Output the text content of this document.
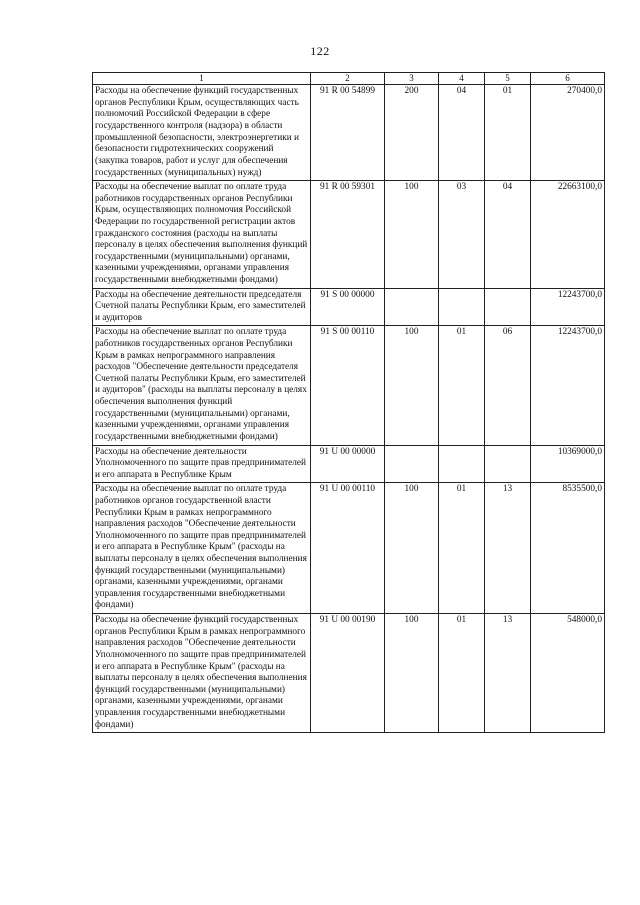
122
1	2	3	4	5	6
Расходы на обеспечение функций государственных органов Республики Крым, осуществляющих часть полномочий Российской Федерации в сфере государственного контроля (надзора) в области промышленной безопасности, электроэнергетики и безопасности гидротехнических сооружений (закупка товаров, работ и услуг для обеспечения государственных (муниципальных) нужд)	91 R 00 54899	200	04	01	270400,0
Расходы на обеспечение выплат по оплате труда работников государственных органов Республики Крым, осуществляющих полномочия Российской Федерации по государственной регистрации актов гражданского состояния (расходы на выплаты персоналу в целях обеспечения выполнения функций государственными (муниципальными) органами, казенными учреждениями, органами управления государственными внебюджетными фондами)	91 R 00 59301	100	03	04	22663100,0
Расходы на обеспечение деятельности председателя Счетной палаты Республики Крым, его заместителей и аудиторов	91 S 00 00000				12243700,0
Расходы на обеспечение выплат по оплате труда работников государственных органов Республики Крым в рамках непрограммного направления расходов "Обеспечение деятельности председателя Счетной палаты Республики Крым, его заместителей и аудиторов" (расходы на выплаты персоналу в целях обеспечения выполнения функций государственными (муниципальными) органами, казенными учреждениями, органами управления государственными внебюджетными фондами)	91 S 00 00110	100	01	06	12243700,0
Расходы на обеспечение деятельности Уполномоченного по защите прав предпринимателей и его аппарата в Республике Крым	91 U 00 00000				10369000,0
Расходы на обеспечение выплат по оплате труда работников органов государственной власти Республики Крым в рамках непрограммного направления расходов "Обеспечение деятельности Уполномоченного по защите прав предпринимателей и его аппарата в Республике Крым" (расходы на выплаты персоналу в целях обеспечения выполнения функций государственными (муниципальными) органами, казенными учреждениями, органами управления государственными внебюджетными фондами)	91 U 00 00110	100	01	13	8535500,0
Расходы на обеспечение функций государственных органов Республики Крым в рамках непрограммного направления расходов "Обеспечение деятельности Уполномоченного по защите прав предпринимателей и его аппарата в Республике Крым" (расходы на выплаты персоналу в целях обеспечения выполнения функций государственными (муниципальными) органами, казенными учреждениями, органами управления государственными внебюджетными фондами)	91 U 00 00190	100	01	13	548000,0
